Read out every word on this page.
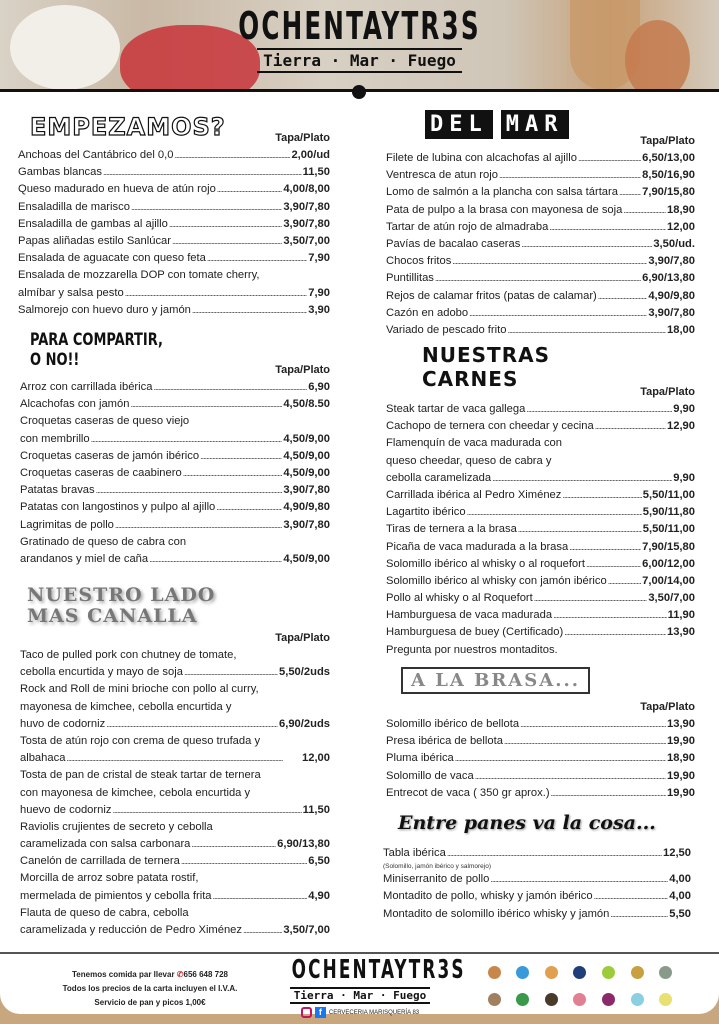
OCHENTAYTR3S
Tierra · Mar · Fuego
EMPEZAMOS?	Tapa/Plato
Anchoas del Cantábrico del 0,0 .....	2,00/ud
Gambas blancas .....	11,50
Queso madurado en hueva de atún rojo .....	4,00/8,00
Ensaladilla de marisco .....	3,90/7,80
Ensaladilla de gambas al ajillo .....	3,90/7,80
Papas aliñadas estilo Sanlúcar .....	3,50/7,00
Ensalada de aguacate con queso feta .....	7,90
Ensalada de mozzarella DOP con tomate cherry,
almíbar y salsa pesto .....	7,90
Salmorejo con huevo duro y jamón .....	3,90
PARA COMPARTIR,
O NO!!	Tapa/Plato
Arroz con carrillada ibérica .....	6,90
Alcachofas con jamón .....	4,50/8.50
Croquetas caseras de queso viejo
con membrillo .....	4,50/9,00
Croquetas caseras de jamón ibérico .....	4,50/9,00
Croquetas caseras de caabinero .....	4,50/9,00
Patatas bravas .....	3,90/7,80
Patatas con langostinos y pulpo al ajillo .....	4,90/9,80
Lagrimitas de pollo .....	3,90/7,80
Gratinado de queso de cabra con
arandanos y miel de caña .....	4,50/9,00
NUESTRO LADO
MAS CANALLA
Tapa/Plato
Taco de pulled pork con chutney de tomate,
cebolla encurtida y mayo de soja .....	5,50/2uds
Rock and Roll de mini brioche con pollo al curry,
mayonesa de kimchee, cebolla encurtida y
huvo de codorniz .....	6,90/2uds
Tosta de atún rojo con crema de queso trufada y
albahaca .....	12,00
Tosta de pan de cristal de steak tartar de ternera
con mayonesa de kimchee, cebola encurtida y
huevo de codorniz .....	11,50
Raviolis crujientes de secreto y cebolla
caramelizada con salsa carbonara .....	6,90/13,80
Canelón de carrillada de ternera .....	6,50
Morcilla de arroz sobre patata rostif,
mermelada de pimientos y cebolla frita .....	4,90
Flauta de queso de cabra, cebolla
caramelizada y reducción de Pedro Ximénez .....	3,50/7,00
DEL MAR
Tapa/Plato
Filete de lubina con alcachofas al ajillo .....	6,50/13,00
Ventresca de atun rojo .....	8,50/16,90
Lomo de salmón a la plancha con salsa tártara ..... 7,90/15,80
Pata de pulpo a la brasa con mayonesa de soja .....	18,90
Tartar de atún rojo de almadraba .....	12,00
Pavías de bacalao caseras .....	3,50/ud.
Chocos fritos .....	3,90/7,80
Puntillitas .....	6,90/13,80
Rejos de calamar fritos (patas de calamar) .....	4,90/9,80
Cazón en adobo .....	3,90/7,80
Variado de pescado frito .....	18,00
NUESTRAS
CARNES
Tapa/Plato
Steak tartar de vaca gallega .....	9,90
Cachopo de ternera con cheedar y cecina .....	12,90
Flamenquín de vaca madurada con
queso cheedar, queso de cabra y
cebolla caramelizada .....	9,90
Carrillada ibérica al Pedro Ximénez .....	5,50/11,00
Lagartito ibérico .....	5,90/11,80
Tiras de ternera a la brasa .....	5,50/11,00
Picaña de vaca madurada a la brasa .....	7,90/15,80
Solomillo ibérico al whisky o al roquefort .....	6,00/12,00
Solomillo ibérico al whisky con jamón ibérico .....	7,00/14,00
Pollo al whisky o al Roquefort .....	3,50/7,00
Hamburguesa de vaca madurada .....	11,90
Hamburguesa de buey (Certificado) .....	13,90
Pregunta por nuestros montaditos.
A LA BRASA...
Tapa/Plato
Solomillo ibérico de bellota .....	13,90
Presa ibérica de bellota .....	19,90
Pluma ibérica .....	18,90
Solomillo de vaca .....	19,90
Entrecot de vaca ( 350 gr aprox.) .....	19,90
Entre panes va la cosa...
Tabla ibérica .....	12,50
(Solomillo, jamón ibérico y salmorejo)
Miniserranito de pollo .....	4,00
Montadito de pollo, whisky y jamón ibérico .....	4,00
Montadito de solomillo ibérico whisky y jamón .....	5,50
Tenemos comida par llevar ✆656 648 728
Todos los precios de la carta incluyen el I.V.A.
Servicio de pan y picos 1,00€
OCHENTAYTR3S
Tierra · Mar · Fuego
f	CERVECERIA MARISQUERÍA 83
